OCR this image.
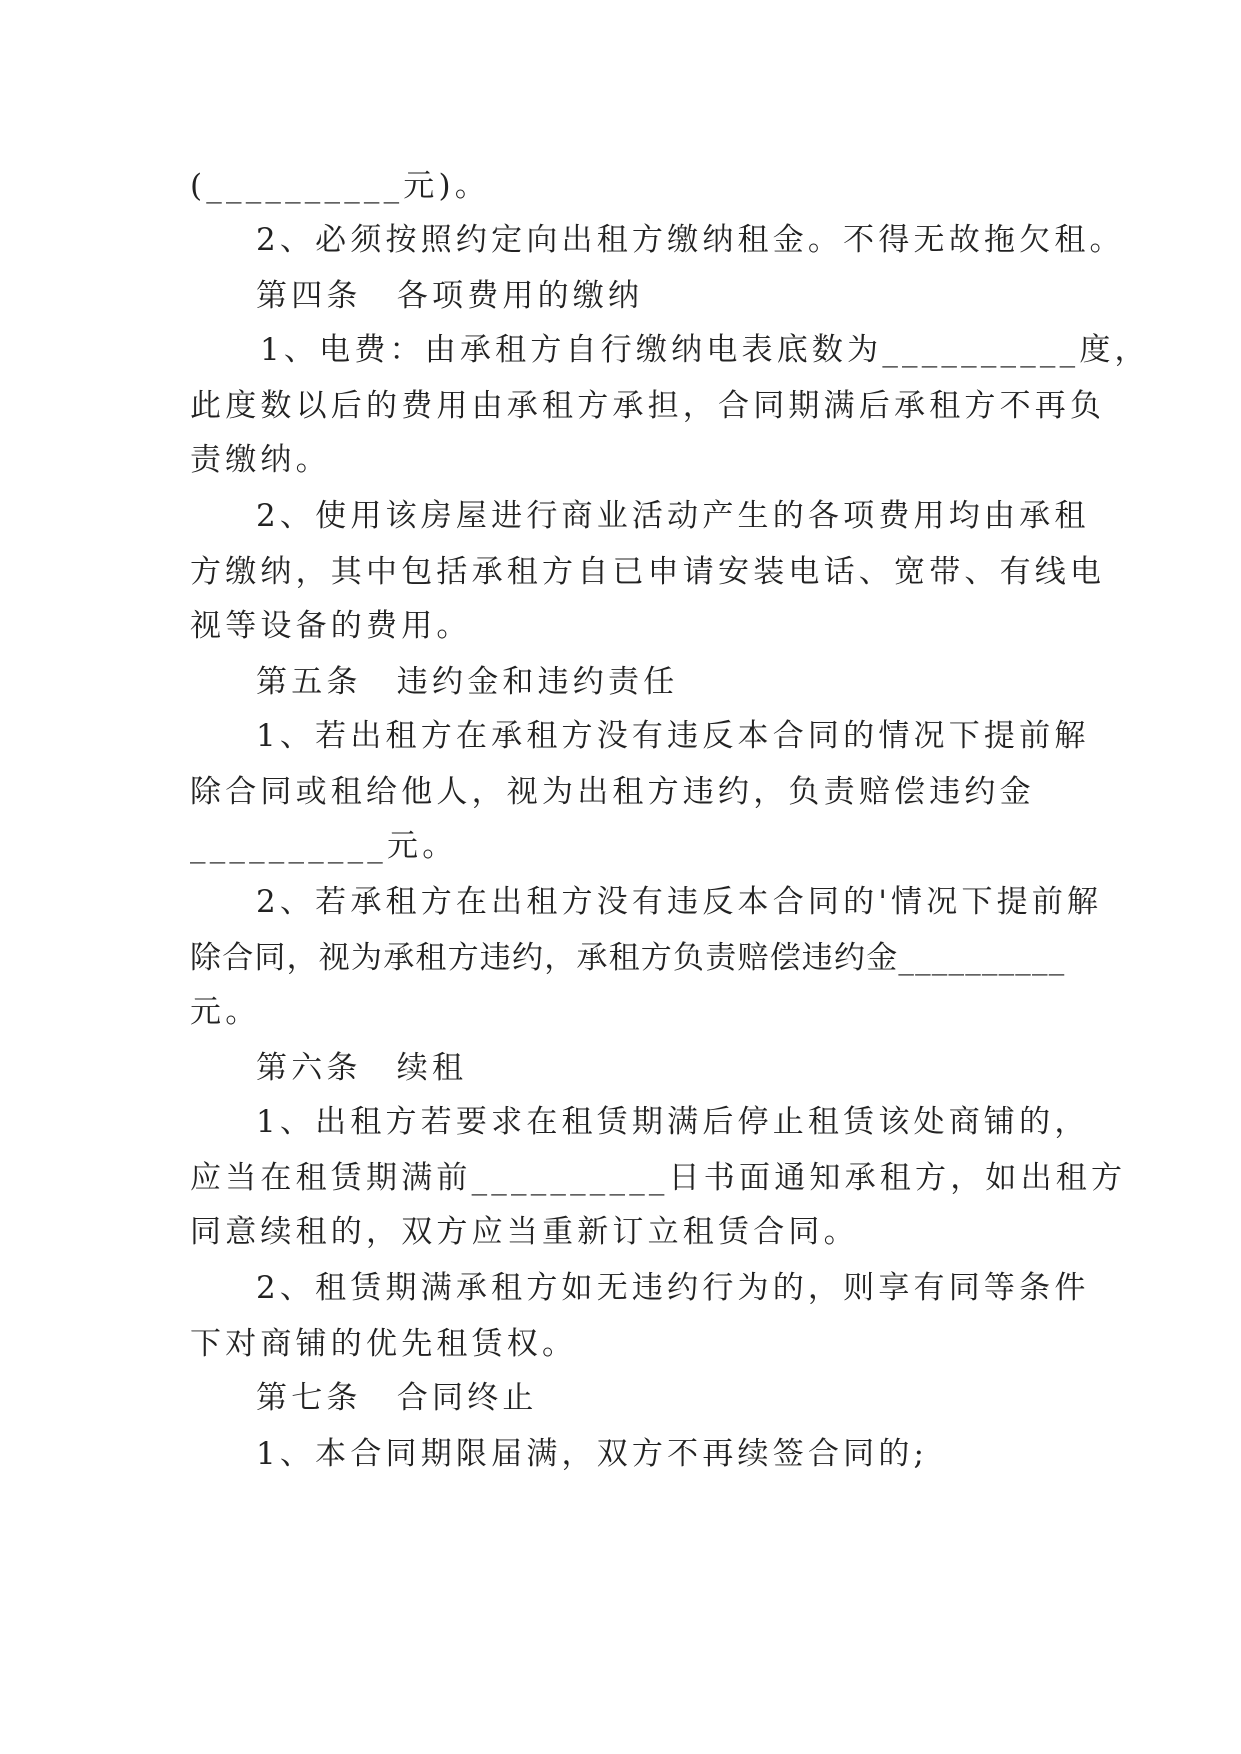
(__________元)。
2、必须按照约定向出租方缴纳租金。不得无故拖欠租。
第四条　各项费用的缴纳
1、电费：由承租方自行缴纳电表底数为__________度，
此度数以后的费用由承租方承担，合同期满后承租方不再负
责缴纳。
2、使用该房屋进行商业活动产生的各项费用均由承租
方缴纳，其中包括承租方自已申请安装电话、宽带、有线电
视等设备的费用。
第五条　违约金和违约责任
1、若出租方在承租方没有违反本合同的情况下提前解
除合同或租给他人，视为出租方违约，负责赔偿违约金
__________元。
2、若承租方在出租方没有违反本合同的'情况下提前解
除合同，视为承租方违约，承租方负责赔偿违约金__________
元。
第六条　续租
1、出租方若要求在租赁期满后停止租赁该处商铺的，
应当在租赁期满前__________日书面通知承租方，如出租方
同意续租的，双方应当重新订立租赁合同。
2、租赁期满承租方如无违约行为的，则享有同等条件
下对商铺的优先租赁权。
第七条　合同终止
1、本合同期限届满，双方不再续签合同的;
